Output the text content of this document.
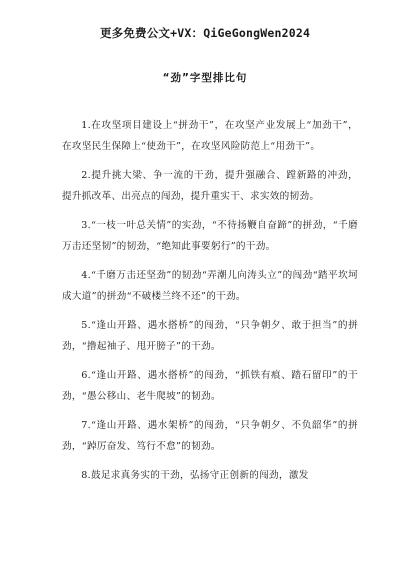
更多免费公文+VX：QiGeGongWen2024
“劲”字型排比句

1.在攻坚项目建设上“拼劲干”，在攻坚产业发展上“加劲干”，在攻坚民生保障上“使劲干”，在攻坚风险防范上“用劲干”。

2.提升挑大梁、争一流的干劲，提升强融合、蹚新路的冲劲，提升抓改革、出亮点的闯劲，提升重实干、求实效的韧劲。

3.“一枝一叶总关情”的实劲，“不待扬鞭自奋蹄”的拼劲，“千磨万击还坚韧”的韧劲，“绝知此事要躬行”的干劲。

4.“千磨万击还坚劲”的韧劲“弄潮儿向涛头立”的闯劲“踏平坎坷成大道”的拼劲“不破楼兰终不还”的干劲。

5.“逢山开路、遇水搭桥”的闯劲，“只争朝夕、敢于担当”的拼劲，“撸起袖子、甩开膀子”的干劲。

6.“逢山开路、遇水搭桥”的闯劲，“抓铁有痕、踏石留印”的干劲，“愚公移山、老牛爬坡”的韧劲。

7.“逢山开路、遇水架桥”的闯劲，“只争朝夕、不负韶华”的拼劲，“踔厉奋发、笃行不怠”的韧劲。

8.鼓足求真务实的干劲，弘扬守正创新的闯劲，激发
